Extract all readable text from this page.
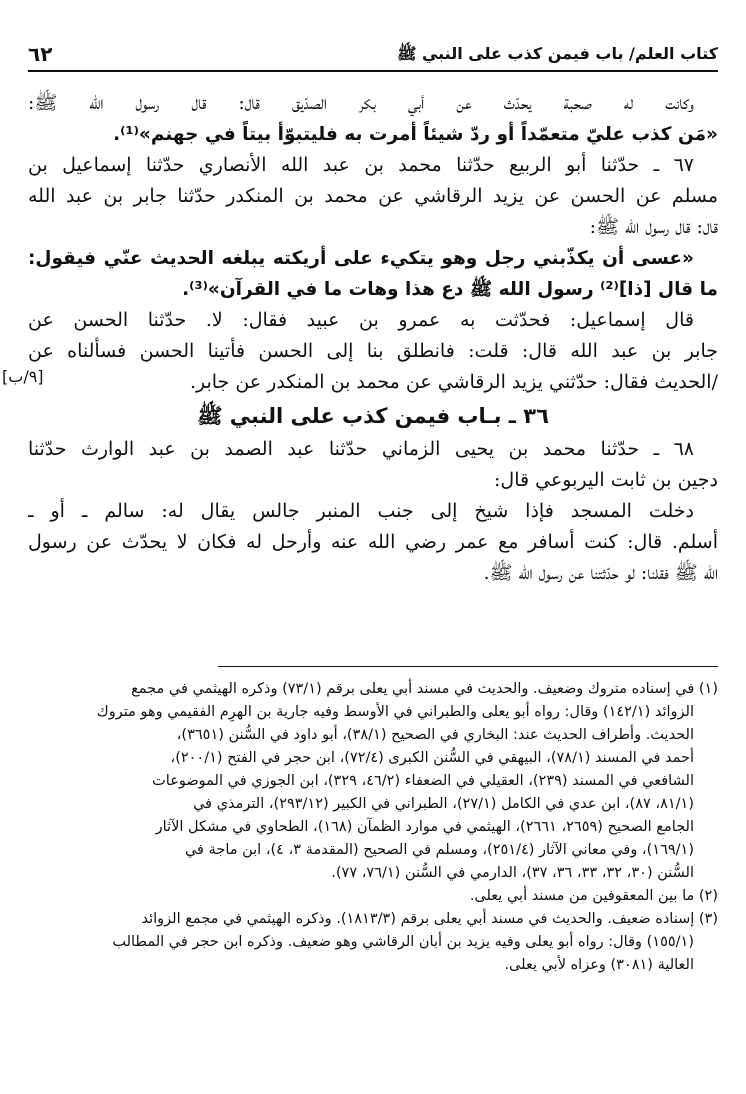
كتاب العلم/ باب فيمن كذب على النبي ﷺ
٦٢
وكانت له صحبة يحدّث عن أبي بكر الصدّيق قال: قال رسول الله ﷺ:
«مَن كذب عليّ متعمّداً أو ردّ شيئاً أمرت به فليتبوّأ بيتاً في جهنم»⁽¹⁾.
٦٧ ـ حدّثنا أبو الربيع حدّثنا محمد بن عبد الله الأنصاري حدّثنا إسماعيل بن
مسلم عن الحسن عن يزيد الرقاشي عن محمد بن المنكدر حدّثنا جابر بن عبد الله
قال: قال رسول الله ﷺ:
«عسى أن يكذّبني رجل وهو يتكيء على أريكته يبلغه الحديث عنّي فيقول:
ما قال [ذا]⁽²⁾ رسول الله ﷺ دع هذا وهات ما في القرآن»⁽³⁾.
قال إسماعيل: فحدّثت به عمرو بن عبيد فقال: لا. حدّثنا الحسن عن
جابر بن عبد الله قال: قلت: فانطلق بنا إلى الحسن فأتينا الحسن فسألناه عن
/الحديث فقال: حدّثني يزيد الرقاشي عن محمد بن المنكدر عن جابر.
[٩/ب]
٣٦ ـ بـاب فيمن كذب على النبي ﷺ
٦٨ ـ حدّثنا محمد بن يحيى الزماني حدّثنا عبد الصمد بن عبد الوارث حدّثنا
دجين بن ثابت اليربوعي قال:
دخلت المسجد فإذا شيخ إلى جنب المنبر جالس يقال له: سالم ـ أو ـ
أسلم. قال: كنت أسافر مع عمر رضي الله عنه وأرحل له فكان لا يحدّث عن رسول
الله ﷺ فقلنا: لو حدّثتنا عن رسول الله ﷺ.
(١) في إسناده متروك وضعيف. والحديث في مسند أبي يعلى برقم (٧٣/١) وذكره الهيثمي في مجمع
الزوائد (١٤٢/١) وقال: رواه أبو يعلى والطبراني في الأوسط وفيه جارية بن الهرِم الفقيمي وهو متروك
الحديث. وأطراف الحديث عند: البخاري في الصحيح (٣٨/١)، أبو داود في السُّنن (٣٦٥١)،
أحمد في المسند (٧٨/١)، البيهقي في السُّنن الكبرى (٧٢/٤)، ابن حجر في الفتح (٢٠٠/١)،
الشافعي في المسند (٢٣٩)، العقيلي في الضعفاء (٤٦/٢، ٣٢٩)، ابن الجوزي في الموضوعات
(٨١/١، ٨٧)، ابن عدي في الكامل (٢٧/١)، الطبراني في الكبير (٢٩٣/١٢)، الترمذي في
الجامع الصحيح (٢٦٥٩، ٢٦٦١)، الهيثمي في موارد الظمآن (١٦٨)، الطحاوي في مشكل الآثار
(١٦٩/١)، وفي معاني الآثار (٢٥١/٤)، ومسلم في الصحيح (المقدمة ٣، ٤)، ابن ماجة في
السُّنن (٣٠، ٣٢، ٣٣، ٣٦، ٣٧)، الدارمي في السُّنن (٧٦/١، ٧٧).
(٢) ما بين المعقوفين من مسند أبي يعلى.
(٣) إسناده ضعيف. والحديث في مسند أبي يعلى برقم (١٨١٣/٣). وذكره الهيثمي في مجمع الزوائد
(١٥٥/١) وقال: رواه أبو يعلى وفيه يزيد بن أبان الرقاشي وهو ضعيف. وذكره ابن حجر في المطالب
العالية (٣٠٨١) وعزاه لأبي يعلى.
